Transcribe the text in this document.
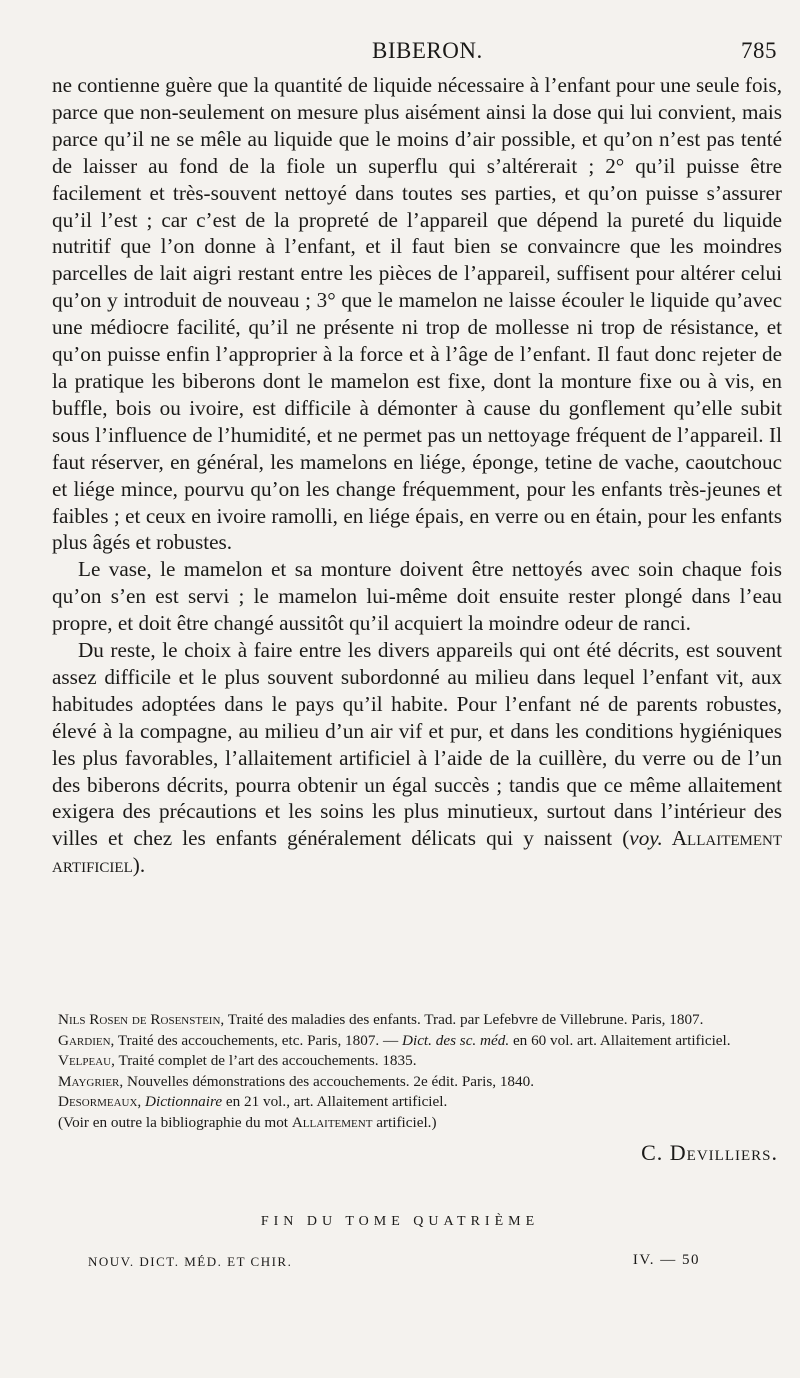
BIBERON.	785

ne contienne guère que la quantité de liquide nécessaire à l’enfant pour une seule fois, parce que non-seulement on mesure plus aisément ainsi la dose qui lui convient, mais parce qu’il ne se mêle au liquide que le moins d’air possible, et qu’on n’est pas tenté de laisser au fond de la fiole un superflu qui s’altérerait ; 2° qu’il puisse être facilement et très-souvent nettoyé dans toutes ses parties, et qu’on puisse s’assurer qu’il l’est ; car c’est de la propreté de l’appareil que dépend la pureté du liquide nutritif que l’on donne à l’enfant, et il faut bien se convaincre que les moindres parcelles de lait aigri restant entre les pièces de l’appareil, suffisent pour altérer celui qu’on y introduit de nouveau ; 3° que le mamelon ne laisse écouler le liquide qu’avec une médiocre facilité, qu’il ne présente ni trop de mollesse ni trop de résistance, et qu’on puisse enfin l’approprier à la force et à l’âge de l’enfant. Il faut donc rejeter de la pratique les biberons dont le mamelon est fixe, dont la monture fixe ou à vis, en buffle, bois ou ivoire, est difficile à démonter à cause du gonflement qu’elle subit sous l’influence de l’humidité, et ne permet pas un nettoyage fréquent de l’appareil. Il faut réserver, en général, les mamelons en liége, éponge, tetine de vache, caoutchouc et liége mince, pourvu qu’on les change fréquemment, pour les enfants très-jeunes et faibles ; et ceux en ivoire ramolli, en liége épais, en verre ou en étain, pour les enfants plus âgés et robustes.

Le vase, le mamelon et sa monture doivent être nettoyés avec soin chaque fois qu’on s’en est servi ; le mamelon lui-même doit ensuite rester plongé dans l’eau propre, et doit être changé aussitôt qu’il acquiert la moindre odeur de ranci.

Du reste, le choix à faire entre les divers appareils qui ont été décrits, est souvent assez difficile et le plus souvent subordonné au milieu dans lequel l’enfant vit, aux habitudes adoptées dans le pays qu’il habite. Pour l’enfant né de parents robustes, élevé à la compagne, au milieu d’un air vif et pur, et dans les conditions hygiéniques les plus favorables, l’allaitement artificiel à l’aide de la cuillère, du verre ou de l’un des biberons décrits, pourra obtenir un égal succès ; tandis que ce même allaitement exigera des précautions et les soins les plus minutieux, surtout dans l’intérieur des villes et chez les enfants généralement délicats qui y naissent (voy. Allaitement artificiel).

Nils Rosen de Rosenstein, Traité des maladies des enfants. Trad. par Lefebvre de Villebrune. Paris, 1807.

Gardien, Traité des accouchements, etc. Paris, 1807. — Dict. des sc. méd. en 60 vol. art. Allaitement artificiel.

Velpeau, Traité complet de l’art des accouchements. 1835.

Maygrier, Nouvelles démonstrations des accouchements. 2e édit. Paris, 1840.

Desormeaux, Dictionnaire en 21 vol., art. Allaitement artificiel.

(Voir en outre la bibliographie du mot Allaitement artificiel.)

C. Devilliers.
FIN DU TOME QUATRIÈME
NOUV. DICT. MÉD. ET CHIR.	IV. — 50
